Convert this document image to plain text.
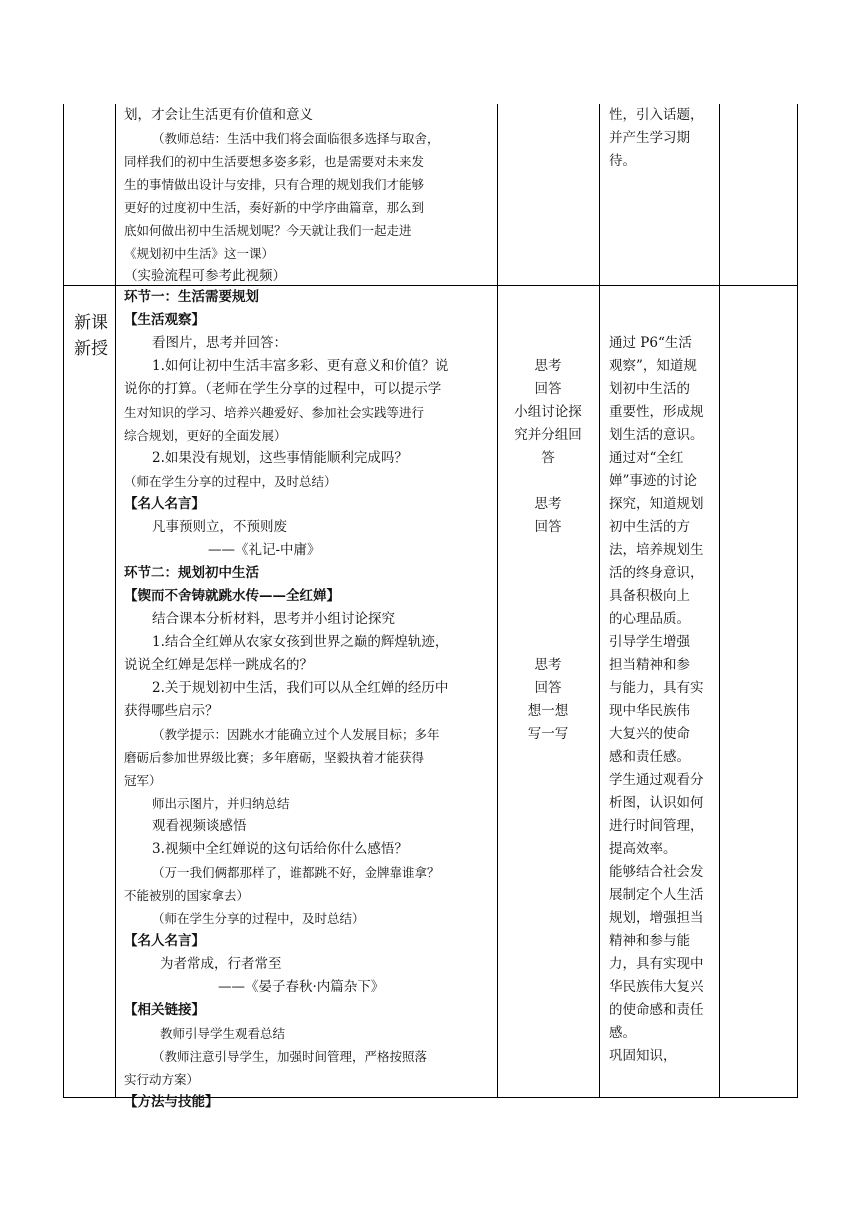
划，才会让生活更有价值和意义
（教师总结：生活中我们将会面临很多选择与取舍，
同样我们的初中生活要想多姿多彩，也是需要对未来发
生的事情做出设计与安排，只有合理的规划我们才能够
更好的过度初中生活，奏好新的中学序曲篇章，那么到
底如何做出初中生活规划呢？今天就让我们一起走进
《规划初中生活》这一课）
（实验流程可参考此视频）
性，引入话题，
并产生学习期
待。
新课
新授
环节一：生活需要规划
【生活观察】
看图片，思考并回答：
1.如何让初中生活丰富多彩、更有意义和价值？说
说你的打算。（老师在学生分享的过程中，可以提示学
生对知识的学习、培养兴趣爱好、参加社会实践等进行
综合规划，更好的全面发展）
2.如果没有规划，这些事情能顺利完成吗？
（师在学生分享的过程中，及时总结）
【名人名言】
凡事预则立，不预则废
——《礼记-中庸》
环节二：规划初中生活
【锲而不舍铸就跳水传——全红婵】
结合课本分析材料，思考并小组讨论探究
1.结合全红婵从农家女孩到世界之巅的辉煌轨迹，
说说全红婵是怎样一跳成名的？
2.关于规划初中生活，我们可以从全红婵的经历中
获得哪些启示？
（教学提示：因跳水才能确立过个人发展目标；多年
磨砺后参加世界级比赛；多年磨砺，坚毅执着才能获得
冠军）
师出示图片，并归纳总结
观看视频谈感悟
3.视频中全红婵说的这句话给你什么感悟？
（万一我们俩都那样了，谁都跳不好，金牌靠谁拿？
不能被别的国家拿去）
（师在学生分享的过程中，及时总结）
【名人名言】
为者常成，行者常至
——《晏子春秋·内篇杂下》
【相关链接】
教师引导学生观看总结
（教师注意引导学生，加强时间管理，严格按照落
实行动方案）
【方法与技能】
思考
回答
小组讨论探
究并分组回
答
思考
回答
思考
回答
想一想
写一写
通过 P6“生活
观察”，知道规
划初中生活的
重要性，形成规
划生活的意识。
通过对“全红
婵”事迹的讨论
探究，知道规划
初中生活的方
法，培养规划生
活的终身意识，
具备积极向上
的心理品质。
引导学生增强
担当精神和参
与能力，具有实
现中华民族伟
大复兴的使命
感和责任感。
学生通过观看分
析图，认识如何
进行时间管理，
提高效率。
能够结合社会发
展制定个人生活
规划，增强担当
精神和参与能
力，具有实现中
华民族伟大复兴
的使命感和责任
感。
巩固知识，
